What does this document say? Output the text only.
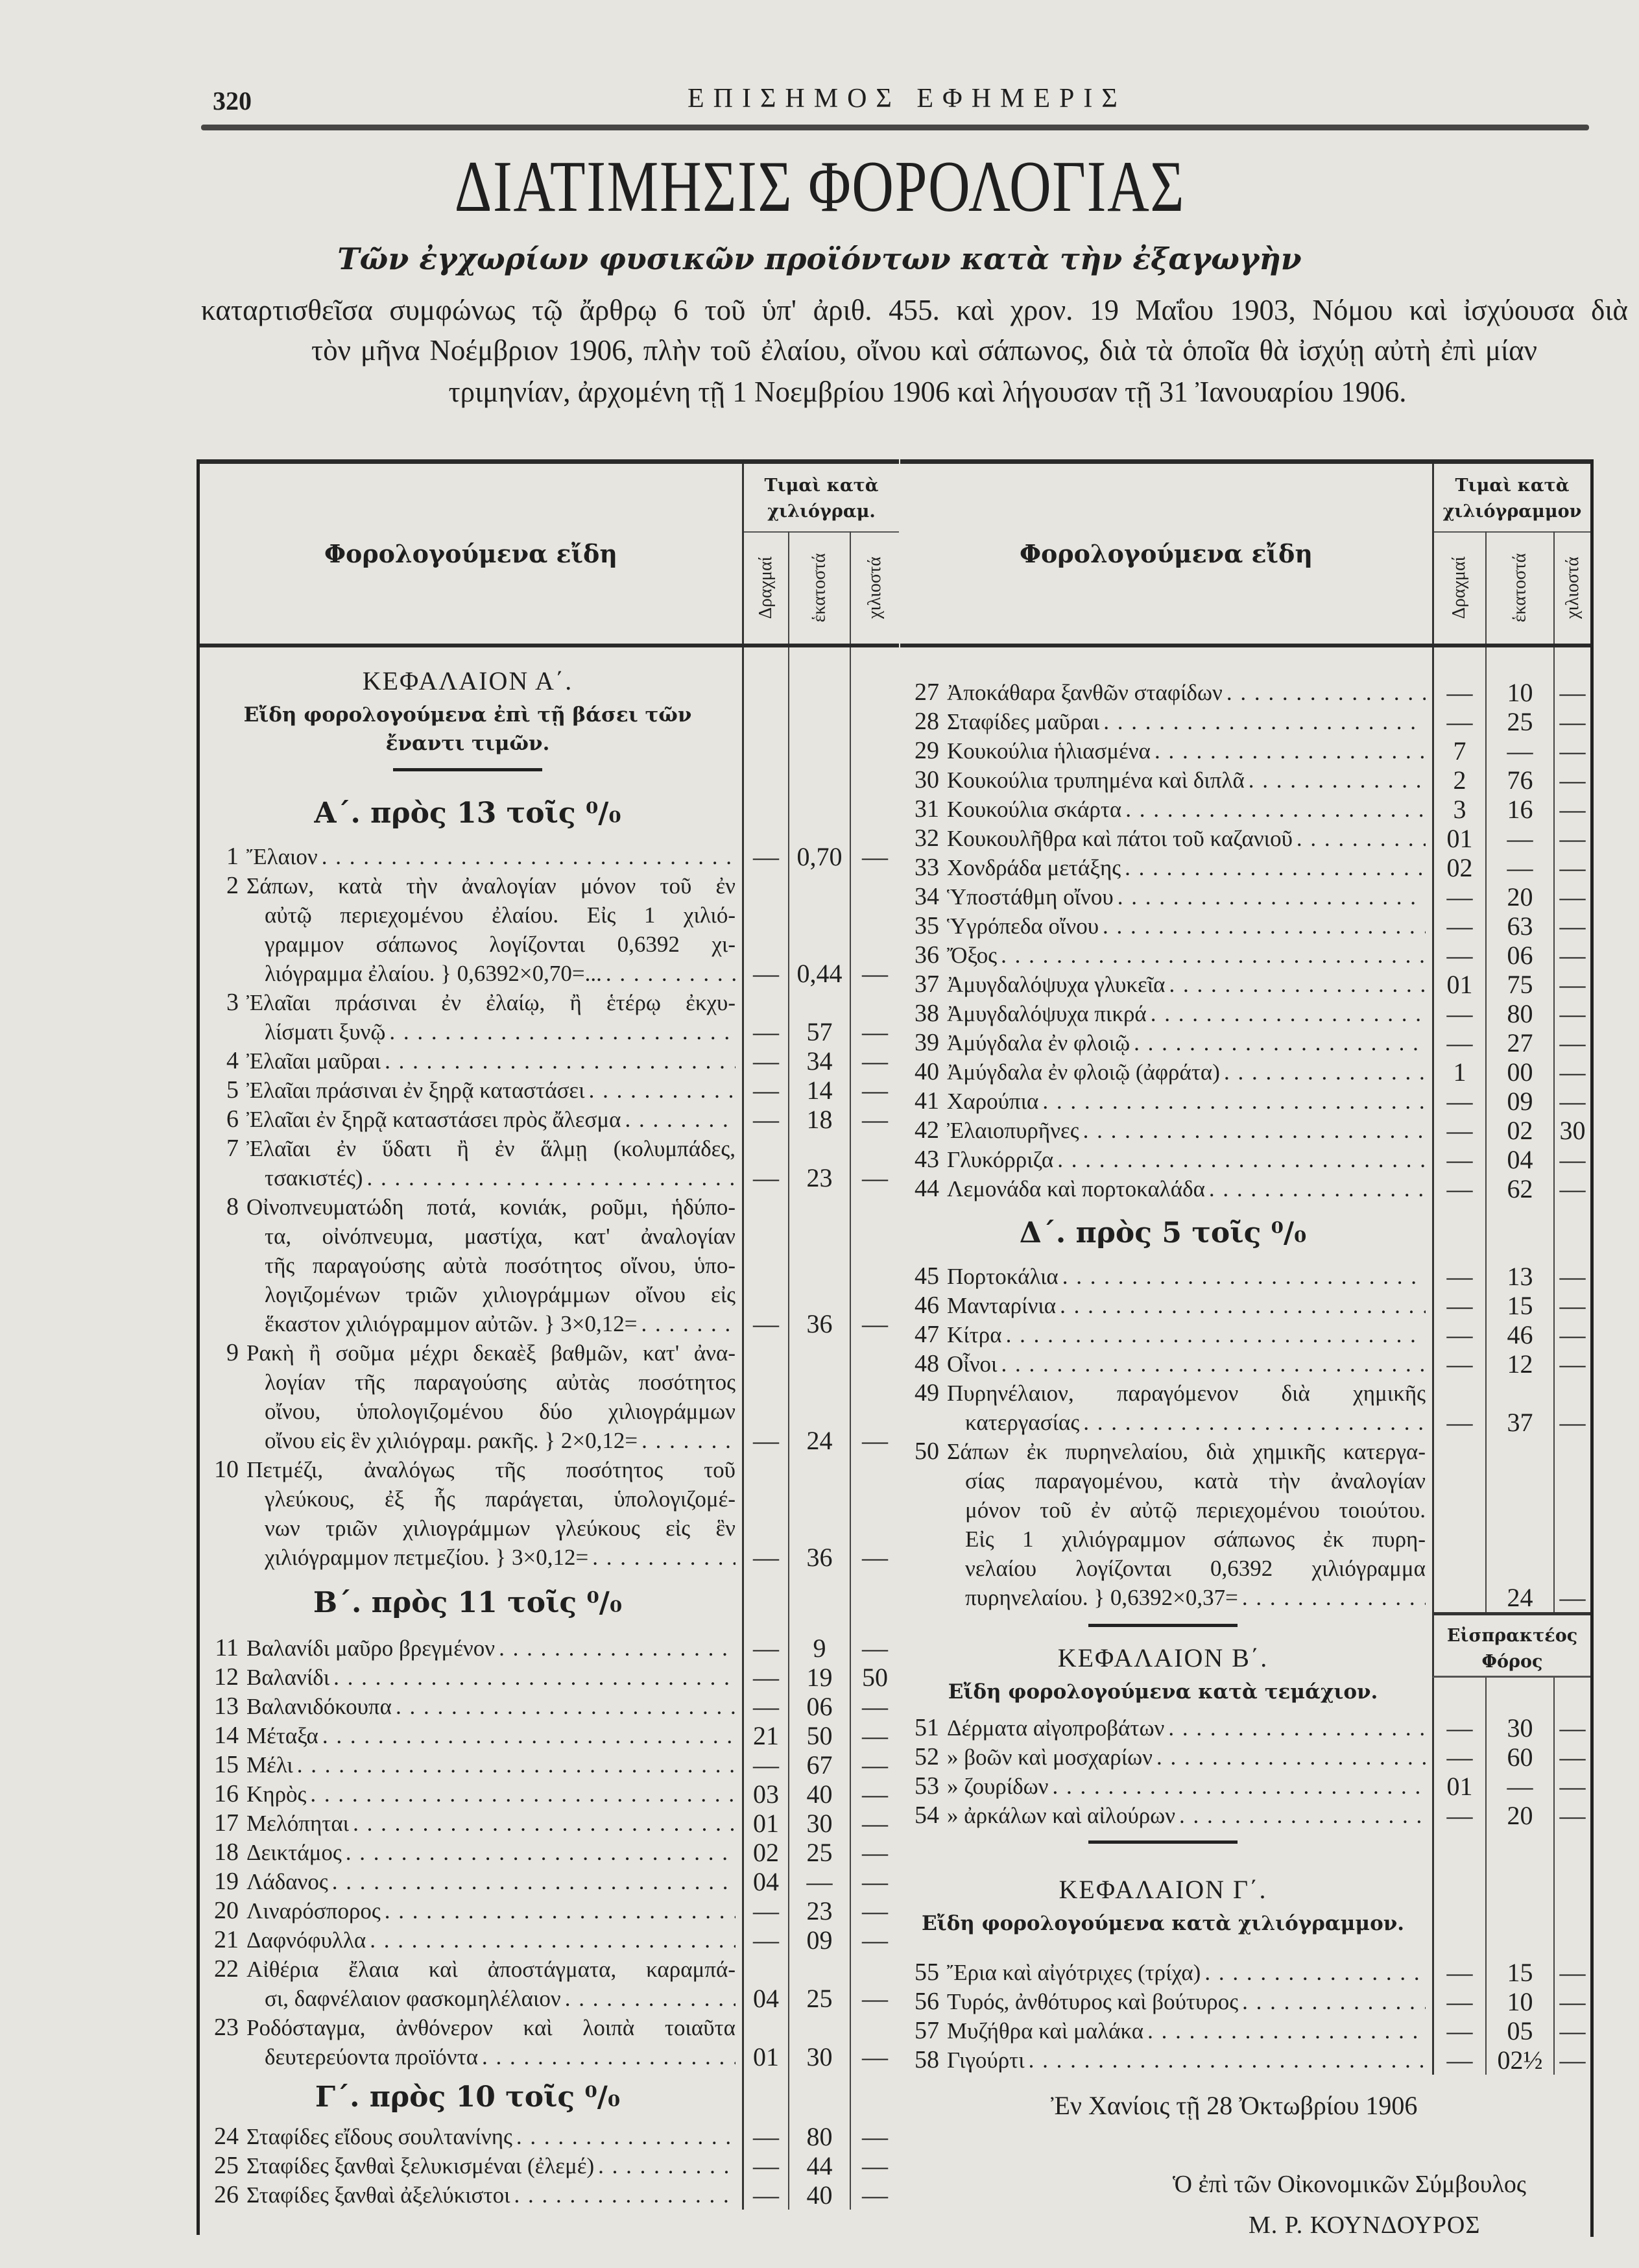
320	ΕΠΙΣΗΜΟΣ ΕΦΗΜΕΡΙΣ
ΔΙΑΤΙΜΗΣΙΣ ΦΟΡΟΛΟΓΙΑΣ
Τῶν ἐγχωρίων φυσικῶν προϊόντων κατὰ τὴν ἐξαγωγὴν
καταρτισθεῖσα συμφώνως τῷ ἄρθρῳ 6 τοῦ ὑπ' ἀριθ. 455. καὶ χρον. 19 Μαΐου 1903, Νόμου καὶ ἰσχύουσα διὰ
τὸν μῆνα Νοέμβριον 1906, πλὴν τοῦ ἐλαίου, οἴνου καὶ σάπωνος, διὰ τὰ ὁποῖα θὰ ἰσχύῃ αὐτὴ ἐπὶ μίαν
τριμηνίαν, ἀρχομένη τῇ 1 Νοεμβρίου 1906 καὶ λήγουσαν τῇ 31 Ἰανουαρίου 1906.
Φορολογούμενα εἴδη
Τιμαὶ κατὰ
χιλιόγραμ.
Δραχμαί ἑκατοστά χιλιοστά
ΚΕΦΑΛΑΙΟΝ Α΄.
Εἴδη φορολογούμενα ἐπὶ τῇ βάσει τῶν
ἔναντι τιμῶν.
Α΄. πρὸς 13 τοῖς ⁰/₀
1 Ἔλαιον . . .	— 0,70 —
2 Σάπων, κατὰ τὴν ἀναλογίαν μόνον τοῦ ἐν
αὐτῷ περιεχομένου ἐλαίου. Εἰς 1 χιλιό-
γραμμον σάπωνος λογίζονται 0,6392 χι-
λιόγραμμα ἐλαίου. } 0,6392×0,70=... . . .	— 0,44 —
3 Ἐλαῖαι πράσιναι ἐν ἐλαίῳ, ἢ ἑτέρῳ ἐκχυ-
λίσματι ξυνῷ . . .	—	57	—
4 Ἐλαῖαι μαῦραι . . .	—	34	—
5 Ἐλαῖαι πράσιναι ἐν ξηρᾷ καταστάσει . . .	—	14	—
6 Ἐλαῖαι ἐν ξηρᾷ καταστάσει πρὸς ἄλεσμα . . .	—	18	—
7 Ἐλαῖαι ἐν ὕδατι ἢ ἐν ἅλμῃ (κολυμπάδες,
τσακιστές) . . .	—	23	—
8 Οἰνοπνευματώδη ποτά, κονιάκ, ροῦμι, ἡδύπο-
τα, οἰνόπνευμα, μαστίχα, κατ' ἀναλογίαν
τῆς παραγούσης αὐτὰ ποσότητος οἴνου, ὑπο-
λογιζομένων τριῶν χιλιογράμμων οἴνου εἰς
ἕκαστον χιλιόγραμμον αὐτῶν. } 3×0,12= . . .	—	36	—
9 Ρακὴ ἢ σοῦμα μέχρι δεκαὲξ βαθμῶν, κατ' ἀνα-
λογίαν τῆς παραγούσης αὐτὰς ποσότητος
οἴνου, ὑπολογιζομένου δύο χιλιογράμμων
οἴνου εἰς ἓν χιλιόγραμ. ρακῆς. } 2×0,12= . . .	—	24	—
10 Πετμέζι, ἀναλόγως τῆς ποσότητος τοῦ
γλεύκους, ἐξ ἧς παράγεται, ὑπολογιζομέ-
νων τριῶν χιλιογράμμων γλεύκους εἰς ἓν
χιλιόγραμμον πετμεζίου. } 3×0,12= . . .	—	36	—
Β΄. πρὸς 11 τοῖς ⁰/₀
11 Βαλανίδι μαῦρο βρεγμένον . . .	—	9	—
12 Βαλανίδι . . .	—	19	50
13 Βαλανιδόκουπα . . .	—	06	—
14 Μέταξα . . .	21	50	—
15 Μέλι . . .	—	67	—
16 Κηρὸς . . .	03	40	—
17 Μελόπηται . . .	01	30	—
18 Δεικτάμος . . .	02	25	—
19 Λάδανος . . .	04	—	—
20 Λιναρόσπορος . . .	—	23	—
21 Δαφνόφυλλα . . .	—	09	—
22 Αἰθέρια ἔλαια καὶ ἀποστάγματα, καραμπά-
σι, δαφνέλαιον φασκομηλέλαιον . . .	04	25	—
23 Ροδόσταγμα, ἀνθόνερον καὶ λοιπὰ τοιαῦτα
δευτερεύοντα προϊόντα . . .	01	30	—
Γ΄. πρὸς 10 τοῖς ⁰/₀
24 Σταφίδες εἴδους σουλτανίνης . . .	—	80	—
25 Σταφίδες ξανθαὶ ξελυκισμέναι (ἐλεμέ) . . .	—	44	—
26 Σταφίδες ξανθαὶ ἀξελύκιστοι . . .	—	40	—
Φορολογούμενα εἴδη
Τιμαὶ κατὰ
χιλιόγραμμον
Δραχμαί ἑκατοστά χιλιοστά
27 Ἀποκάθαρα ξανθῶν σταφίδων . . .	—	10	—
28 Σταφίδες μαῦραι . . .	—	25	—
29 Κουκούλια ἡλιασμένα . . .	7	—	—
30 Κουκούλια τρυπημένα καὶ διπλᾶ . . .	2	76	—
31 Κουκούλια σκάρτα . . .	3	16	—
32 Κουκουλῆθρα καὶ πάτοι τοῦ καζανιοῦ . . .	01	—	—
33 Χονδράδα μετάξης . . .	02	—	—
34 Ὑποστάθμη οἴνου . . .	—	20	—
35 Ὑγρόπεδα οἴνου . . .	—	63	—
36 Ὄξος . . .	—	06	—
37 Ἀμυγδαλόψυχα γλυκεῖα . . .	01	75	—
38 Ἀμυγδαλόψυχα πικρά . . .	—	80	—
39 Ἀμύγδαλα ἐν φλοιῷ . . .	—	27	—
40 Ἀμύγδαλα ἐν φλοιῷ (ἀφράτα) . . .	1	00	—
41 Χαρούπια . . .	—	09	—
42 Ἐλαιοπυρῆνες . . .	—	02	30
43 Γλυκόρριζα . . .	—	04	—
44 Λεμονάδα καὶ πορτοκαλάδα . . .	—	62	—
Δ΄. πρὸς 5 τοῖς ⁰/₀
45 Πορτοκάλια . . .	—	13	—
46 Μανταρίνια . . .	—	15	—
47 Κίτρα . . .	—	46	—
48 Οἶνοι . . .	—	12	—
49 Πυρηνέλαιον, παραγόμενον διὰ χημικῆς
κατεργασίας . . .	—	37	—
50 Σάπων ἐκ πυρηνελαίου, διὰ χημικῆς κατεργα-
σίας παραγομένου, κατὰ τὴν ἀναλογίαν
μόνον τοῦ ἐν αὐτῷ περιεχομένου τοιούτου.
Εἰς 1 χιλιόγραμμον σάπωνος ἐκ πυρη-
νελαίου λογίζονται 0,6392 χιλιόγραμμα
πυρηνελαίου. } 0,6392×0,37= . . .	24	—
ΚΕΦΑΛΑΙΟΝ Β΄.
Εἰσπρακτέος
Φόρος
Εἴδη φορολογούμενα κατὰ τεμάχιον.
51 Δέρματα αἰγοπροβάτων . . .	—	30	—
52 » βοῶν καὶ μοσχαρίων . . .	—	60	—
53 » ζουρίδων . . .	01	—	—
54 » ἀρκάλων καὶ αἰλούρων . . .	—	20	—
ΚΕΦΑΛΑΙΟΝ Γ΄.
Εἴδη φορολογούμενα κατὰ χιλιόγραμμον.
55 Ἔρια καὶ αἰγότριχες (τρίχα) . . .	—	15	—
56 Τυρός, ἀνθότυρος καὶ βούτυρος . . .	—	10	—
57 Μυζήθρα καὶ μαλάκα . . .	—	05	—
58 Γιγούρτι . . .	— 02½ —
Ἐν Χανίοις τῇ 28 Ὀκτωβρίου 1906
Ὁ ἐπὶ τῶν Οἰκονομικῶν Σύμβουλος
Μ. Ρ. ΚΟΥΝΔΟΥΡΟΣ
